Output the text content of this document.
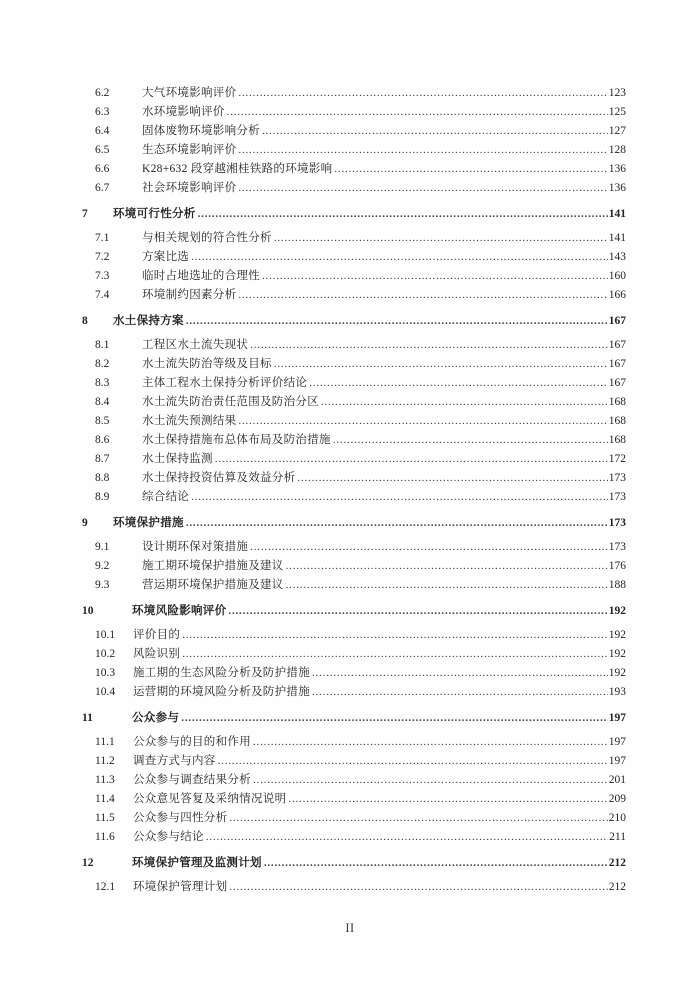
6.2	大气环境影响评价 .....	123
6.3	水环境影响评价 .....	125
6.4	固体废物环境影响分析 .....	127
6.5	生态环境影响评价 .....	128
6.6	K28+632 段穿越湘桂铁路的环境影响 .....	136
6.7	社会环境影响评价 .....	136
7	环境可行性分析 .....	141
7.1	与相关规划的符合性分析 .....	141
7.2	方案比选 .....	143
7.3	临时占地选址的合理性 .....	160
7.4	环境制约因素分析 .....	166
8	水土保持方案 .....	167
8.1	工程区水土流失现状 .....	167
8.2	水土流失防治等级及目标 .....	167
8.3	主体工程水土保持分析评价结论 .....	167
8.4	水土流失防治责任范围及防治分区 .....	168
8.5	水土流失预测结果 .....	168
8.6	水土保持措施布总体布局及防治措施 .....	168
8.7	水土保持监测 .....	172
8.8	水土保持投资估算及效益分析 .....	173
8.9	综合结论 .....	173
9	环境保护措施 .....	173
9.1	设计期环保对策措施 .....	173
9.2	施工期环境保护措施及建议 .....	176
9.3	营运期环境保护措施及建议 .....	188
10	环境风险影响评价 .....	192
10.1	评价目的 .....	192
10.2	风险识别 .....	192
10.3	施工期的生态风险分析及防护措施 .....	192
10.4	运营期的环境风险分析及防护措施 .....	193
11	公众参与 .....	197
11.1	公众参与的目的和作用 .....	197
11.2	调查方式与内容 .....	197
11.3	公众参与调查结果分析 .....	201
11.4	公众意见答复及采纳情况说明 .....	209
11.5	公众参与四性分析 .....	210
11.6	公众参与结论 .....	211
12	环境保护管理及监测计划 .....	212
12.1	环境保护管理计划 .....	212
II
